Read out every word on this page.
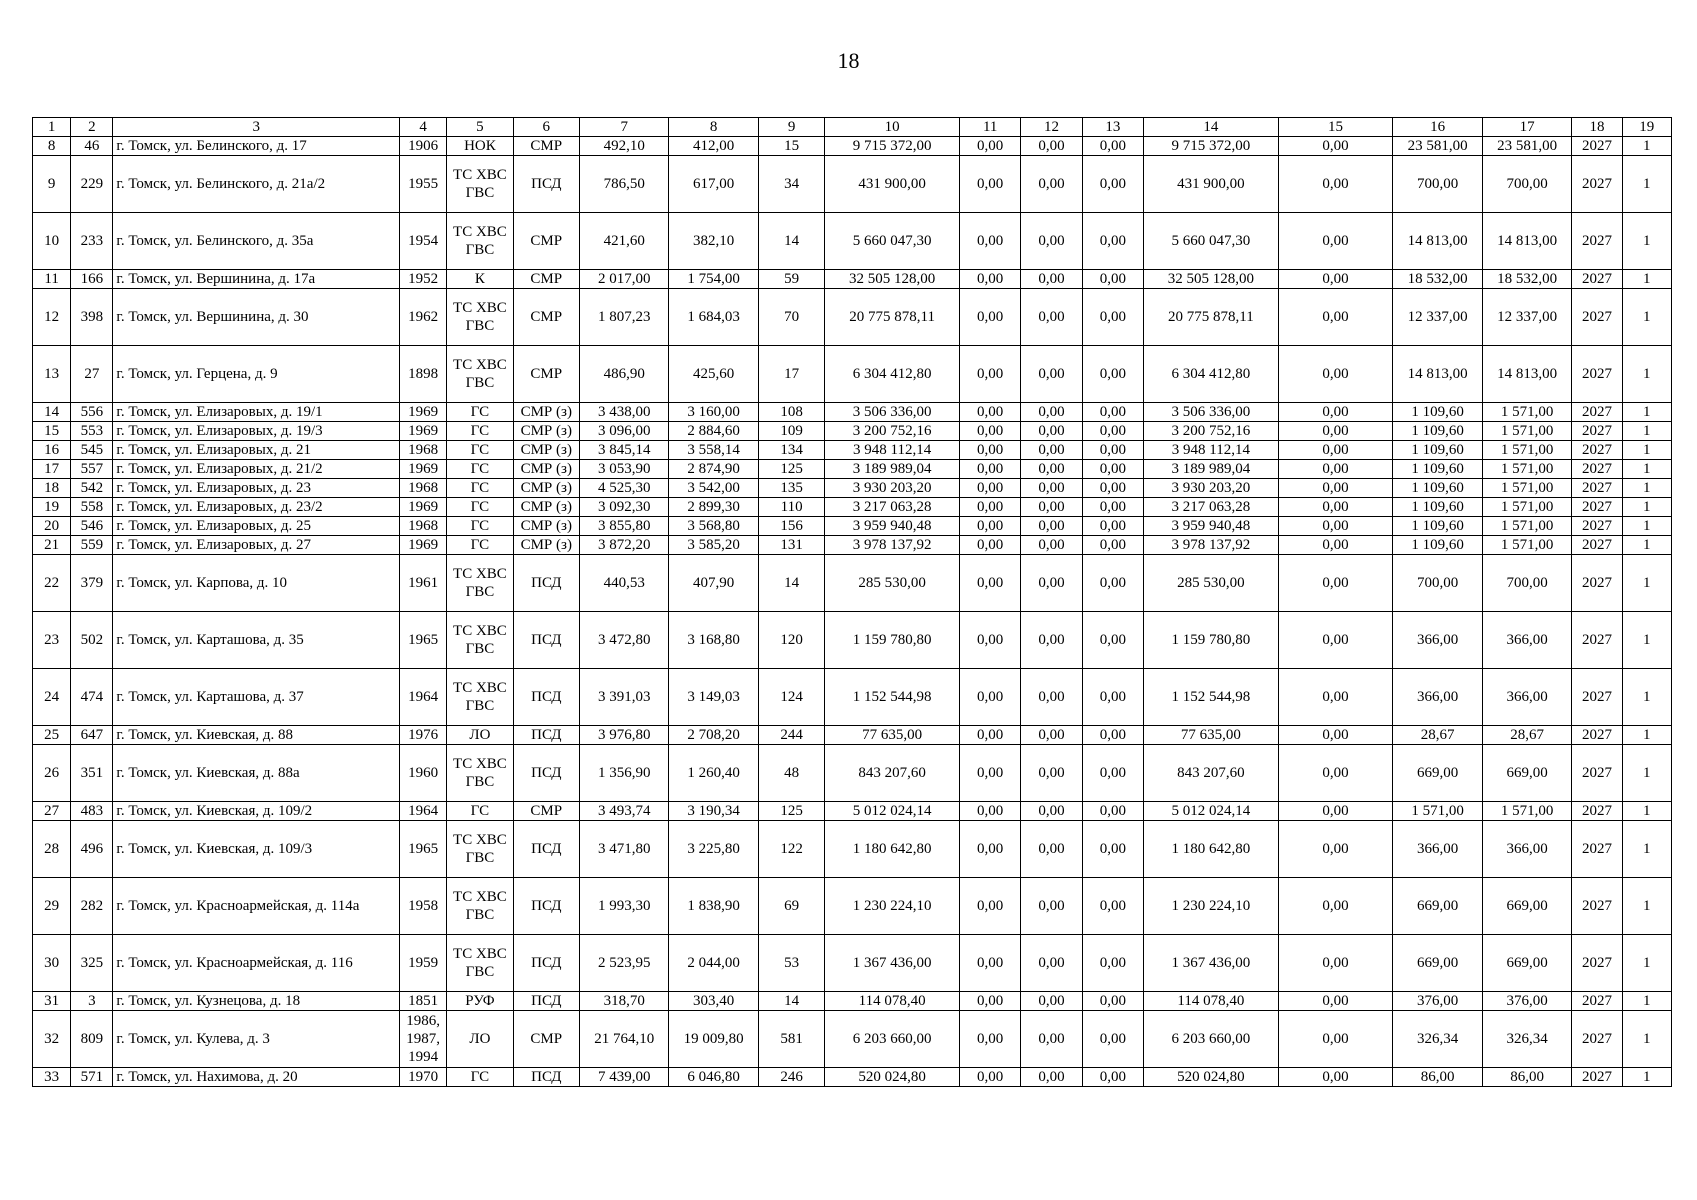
18
1	2	3	4	5	6	7	8	9	10	11	12	13	14	15	16	17	18	19
8	46	г. Томск, ул. Белинского, д. 17	1906	НОК	СМР	492,10	412,00	15	9 715 372,00	0,00	0,00	0,00	9 715 372,00	0,00	23 581,00	23 581,00	2027	1
9	229	г. Томск, ул. Белинского, д. 21а/2	1955	ТС ХВС ГВС	ПСД	786,50	617,00	34	431 900,00	0,00	0,00	0,00	431 900,00	0,00	700,00	700,00	2027	1
10	233	г. Томск, ул. Белинского, д. 35а	1954	ТС ХВС ГВС	СМР	421,60	382,10	14	5 660 047,30	0,00	0,00	0,00	5 660 047,30	0,00	14 813,00	14 813,00	2027	1
11	166	г. Томск, ул. Вершинина, д. 17а	1952	К	СМР	2 017,00	1 754,00	59	32 505 128,00	0,00	0,00	0,00	32 505 128,00	0,00	18 532,00	18 532,00	2027	1
12	398	г. Томск, ул. Вершинина, д. 30	1962	ТС ХВС ГВС	СМР	1 807,23	1 684,03	70	20 775 878,11	0,00	0,00	0,00	20 775 878,11	0,00	12 337,00	12 337,00	2027	1
13	27	г. Томск, ул. Герцена, д. 9	1898	ТС ХВС ГВС	СМР	486,90	425,60	17	6 304 412,80	0,00	0,00	0,00	6 304 412,80	0,00	14 813,00	14 813,00	2027	1
14	556	г. Томск, ул. Елизаровых, д. 19/1	1969	ГС	СМР (з)	3 438,00	3 160,00	108	3 506 336,00	0,00	0,00	0,00	3 506 336,00	0,00	1 109,60	1 571,00	2027	1
15	553	г. Томск, ул. Елизаровых, д. 19/3	1969	ГС	СМР (з)	3 096,00	2 884,60	109	3 200 752,16	0,00	0,00	0,00	3 200 752,16	0,00	1 109,60	1 571,00	2027	1
16	545	г. Томск, ул. Елизаровых, д. 21	1968	ГС	СМР (з)	3 845,14	3 558,14	134	3 948 112,14	0,00	0,00	0,00	3 948 112,14	0,00	1 109,60	1 571,00	2027	1
17	557	г. Томск, ул. Елизаровых, д. 21/2	1969	ГС	СМР (з)	3 053,90	2 874,90	125	3 189 989,04	0,00	0,00	0,00	3 189 989,04	0,00	1 109,60	1 571,00	2027	1
18	542	г. Томск, ул. Елизаровых, д. 23	1968	ГС	СМР (з)	4 525,30	3 542,00	135	3 930 203,20	0,00	0,00	0,00	3 930 203,20	0,00	1 109,60	1 571,00	2027	1
19	558	г. Томск, ул. Елизаровых, д. 23/2	1969	ГС	СМР (з)	3 092,30	2 899,30	110	3 217 063,28	0,00	0,00	0,00	3 217 063,28	0,00	1 109,60	1 571,00	2027	1
20	546	г. Томск, ул. Елизаровых, д. 25	1968	ГС	СМР (з)	3 855,80	3 568,80	156	3 959 940,48	0,00	0,00	0,00	3 959 940,48	0,00	1 109,60	1 571,00	2027	1
21	559	г. Томск, ул. Елизаровых, д. 27	1969	ГС	СМР (з)	3 872,20	3 585,20	131	3 978 137,92	0,00	0,00	0,00	3 978 137,92	0,00	1 109,60	1 571,00	2027	1
22	379	г. Томск, ул. Карпова, д. 10	1961	ТС ХВС ГВС	ПСД	440,53	407,90	14	285 530,00	0,00	0,00	0,00	285 530,00	0,00	700,00	700,00	2027	1
23	502	г. Томск, ул. Карташова, д. 35	1965	ТС ХВС ГВС	ПСД	3 472,80	3 168,80	120	1 159 780,80	0,00	0,00	0,00	1 159 780,80	0,00	366,00	366,00	2027	1
24	474	г. Томск, ул. Карташова, д. 37	1964	ТС ХВС ГВС	ПСД	3 391,03	3 149,03	124	1 152 544,98	0,00	0,00	0,00	1 152 544,98	0,00	366,00	366,00	2027	1
25	647	г. Томск, ул. Киевская, д. 88	1976	ЛО	ПСД	3 976,80	2 708,20	244	77 635,00	0,00	0,00	0,00	77 635,00	0,00	28,67	28,67	2027	1
26	351	г. Томск, ул. Киевская, д. 88а	1960	ТС ХВС ГВС	ПСД	1 356,90	1 260,40	48	843 207,60	0,00	0,00	0,00	843 207,60	0,00	669,00	669,00	2027	1
27	483	г. Томск, ул. Киевская, д. 109/2	1964	ГС	СМР	3 493,74	3 190,34	125	5 012 024,14	0,00	0,00	0,00	5 012 024,14	0,00	1 571,00	1 571,00	2027	1
28	496	г. Томск, ул. Киевская, д. 109/3	1965	ТС ХВС ГВС	ПСД	3 471,80	3 225,80	122	1 180 642,80	0,00	0,00	0,00	1 180 642,80	0,00	366,00	366,00	2027	1
29	282	г. Томск, ул. Красноармейская, д. 114а	1958	ТС ХВС ГВС	ПСД	1 993,30	1 838,90	69	1 230 224,10	0,00	0,00	0,00	1 230 224,10	0,00	669,00	669,00	2027	1
30	325	г. Томск, ул. Красноармейская, д. 116	1959	ТС ХВС ГВС	ПСД	2 523,95	2 044,00	53	1 367 436,00	0,00	0,00	0,00	1 367 436,00	0,00	669,00	669,00	2027	1
31	3	г. Томск, ул. Кузнецова, д. 18	1851	РУФ	ПСД	318,70	303,40	14	114 078,40	0,00	0,00	0,00	114 078,40	0,00	376,00	376,00	2027	1
32	809	г. Томск, ул. Кулева, д. 3	1986, 1987, 1994	ЛО	СМР	21 764,10	19 009,80	581	6 203 660,00	0,00	0,00	0,00	6 203 660,00	0,00	326,34	326,34	2027	1
33	571	г. Томск, ул. Нахимова, д. 20	1970	ГС	ПСД	7 439,00	6 046,80	246	520 024,80	0,00	0,00	0,00	520 024,80	0,00	86,00	86,00	2027	1
